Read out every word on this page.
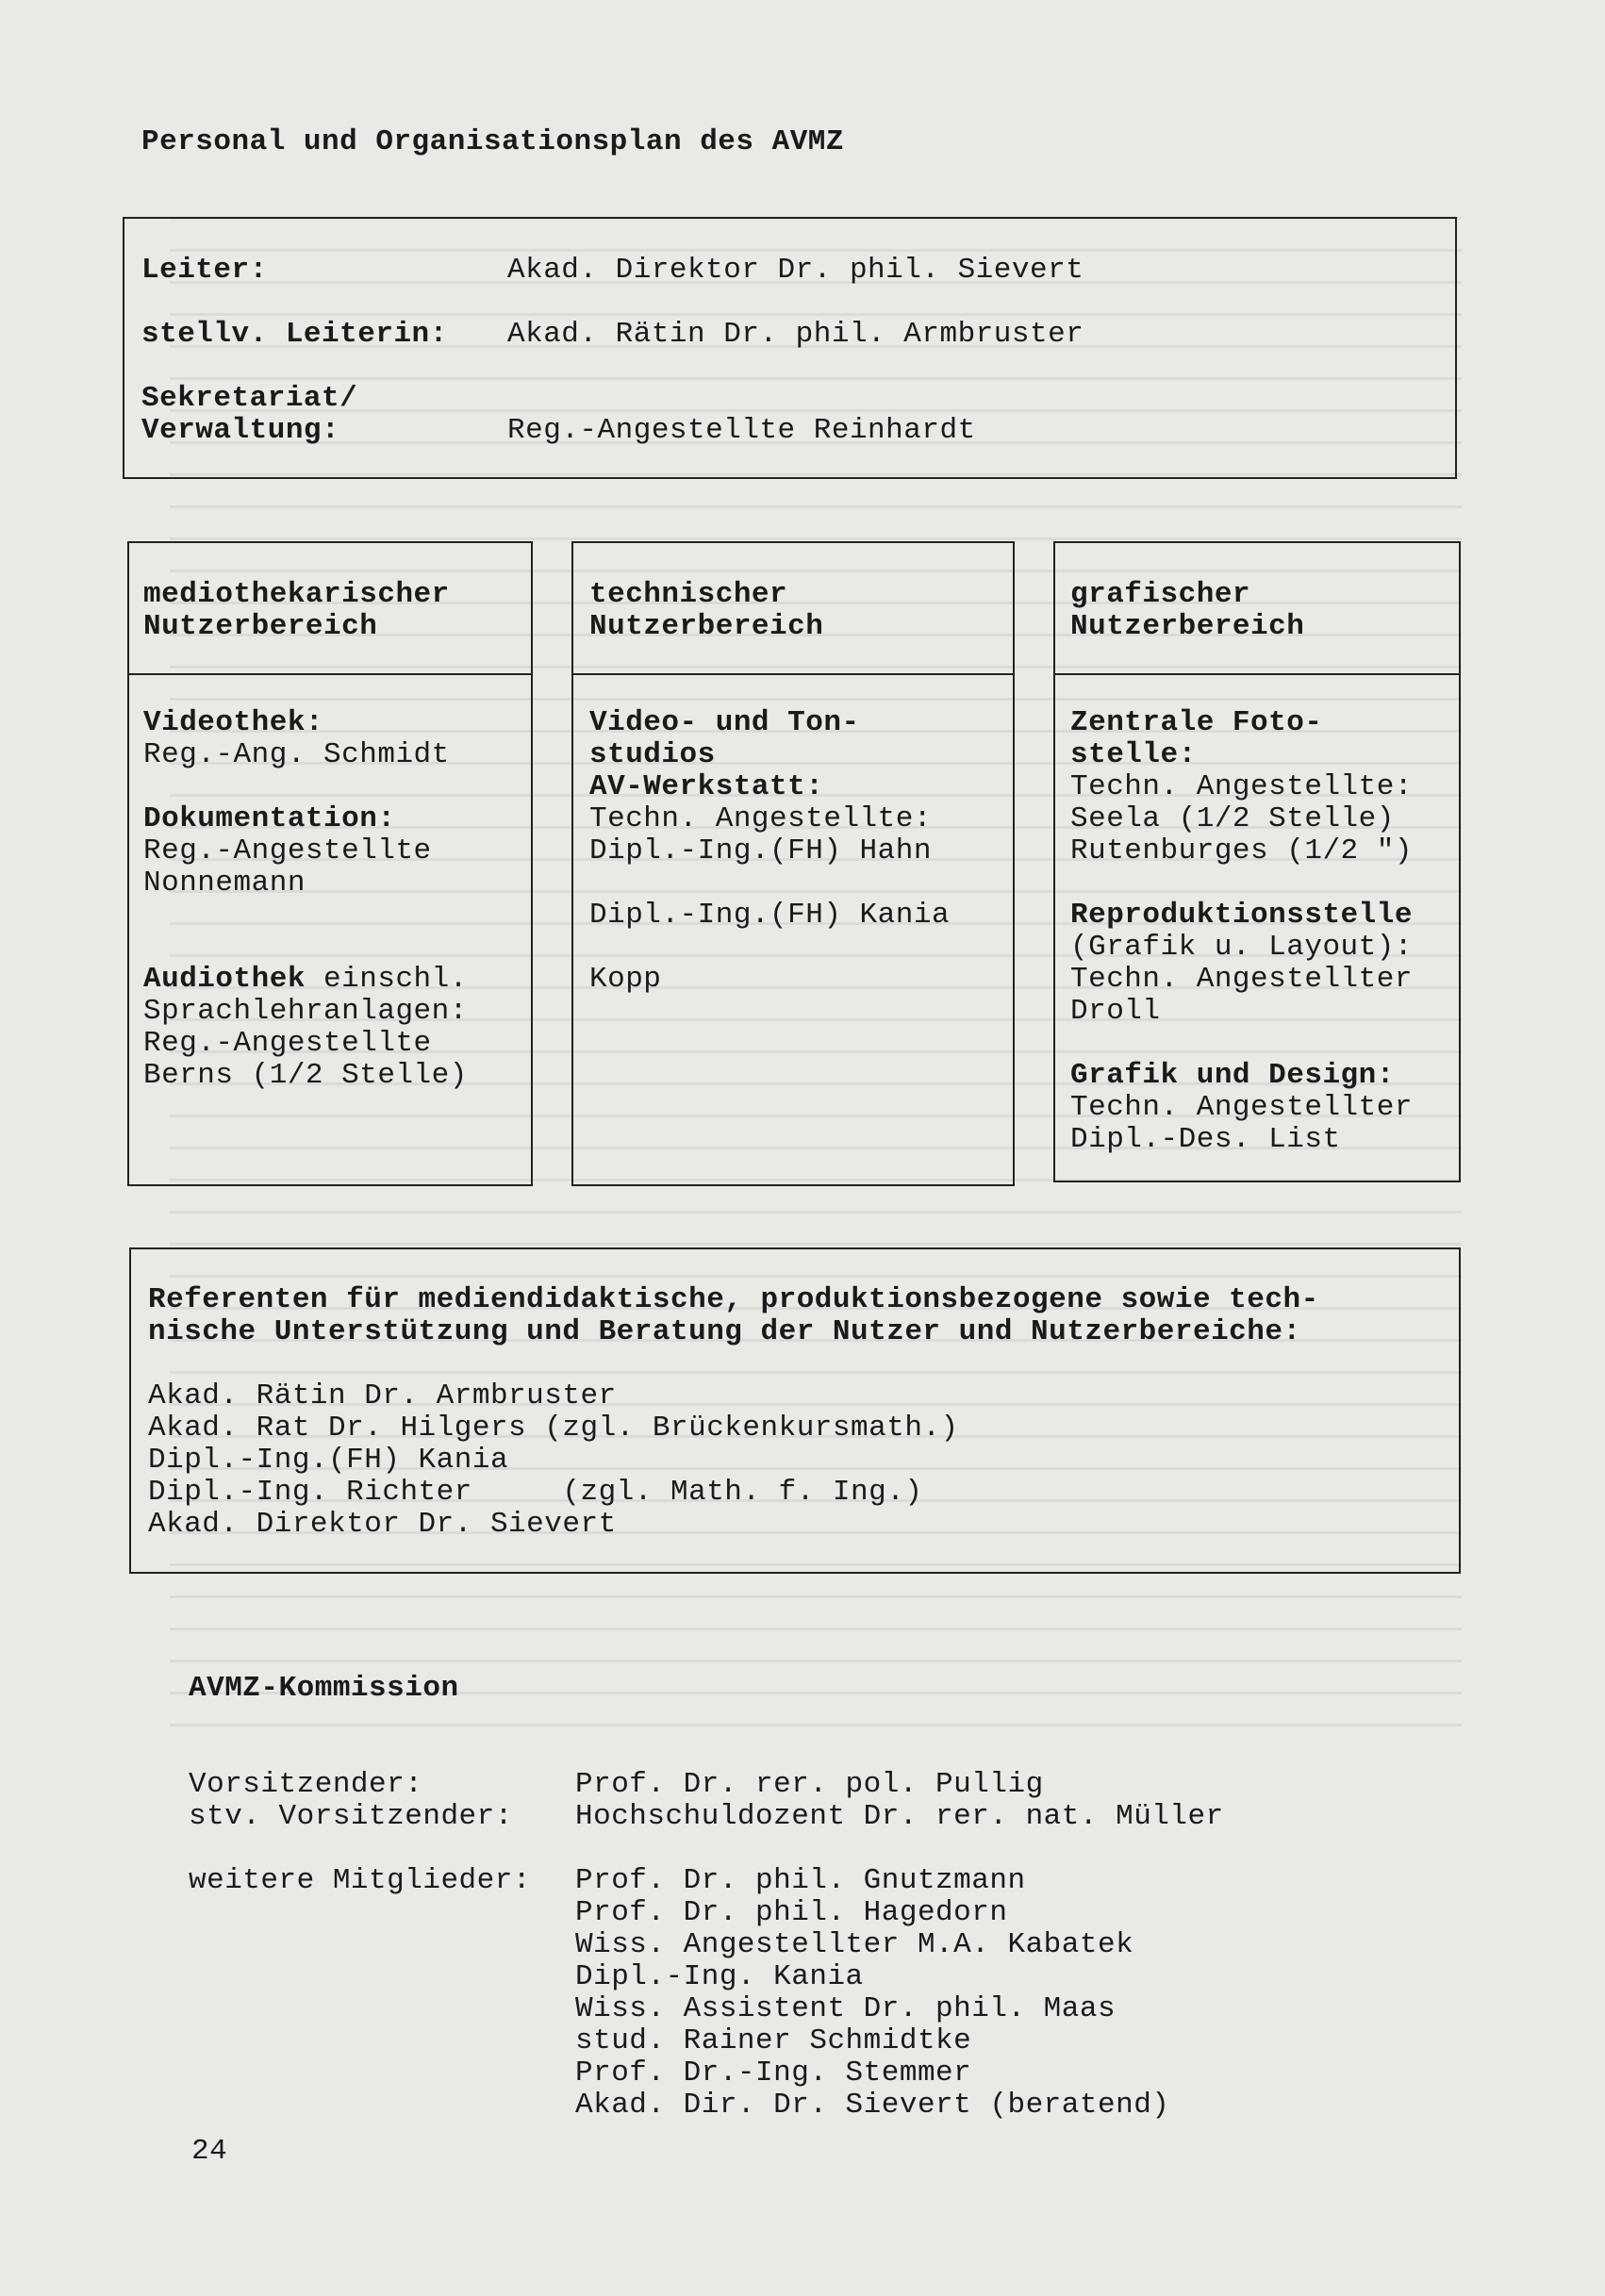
Personal und Organisationsplan des AVMZ
Leiter:	Akad. Direktor Dr. phil. Sievert
stellv. Leiterin: Akad. Rätin Dr. phil. Armbruster
Sekretariat/
Verwaltung:	Reg.-Angestellte Reinhardt
mediothekarischer
Nutzerbereich
Videothek:
Reg.-Ang. Schmidt
Dokumentation:
Reg.-Angestellte
Nonnemann
Audiothek einschl.
Sprachlehranlagen:
Reg.-Angestellte
Berns (1/2 Stelle)
technischer
Nutzerbereich
Video- und Ton-
studios
AV-Werkstatt:
Techn. Angestellte:
Dipl.-Ing.(FH) Hahn
Dipl.-Ing.(FH) Kania
Kopp
grafischer
Nutzerbereich
Zentrale Foto-
stelle:
Techn. Angestellte:
Seela (1/2 Stelle)
Rutenburges (1/2 ")
Reproduktionsstelle
(Grafik u. Layout):
Techn. Angestellter
Droll
Grafik und Design:
Techn. Angestellter
Dipl.-Des. List
Referenten für mediendidaktische, produktionsbezogene sowie tech-
nische Unterstützung und Beratung der Nutzer und Nutzerbereiche:
Akad. Rätin Dr. Armbruster
Akad. Rat Dr. Hilgers (zgl. Brückenkursmath.)
Dipl.-Ing.(FH) Kania
Dipl.-Ing. Richter     (zgl. Math. f. Ing.)
Akad. Direktor Dr. Sievert
AVMZ-Kommission
Vorsitzender:	Prof. Dr. rer. pol. Pullig
stv. Vorsitzender: Hochschuldozent Dr. rer. nat. Müller
weitere Mitglieder: Prof. Dr. phil. Gnutzmann
Prof. Dr. phil. Hagedorn
Wiss. Angestellter M.A. Kabatek
Dipl.-Ing. Kania
Wiss. Assistent Dr. phil. Maas
stud. Rainer Schmidtke
Prof. Dr.-Ing. Stemmer
Akad. Dir. Dr. Sievert (beratend)
24
